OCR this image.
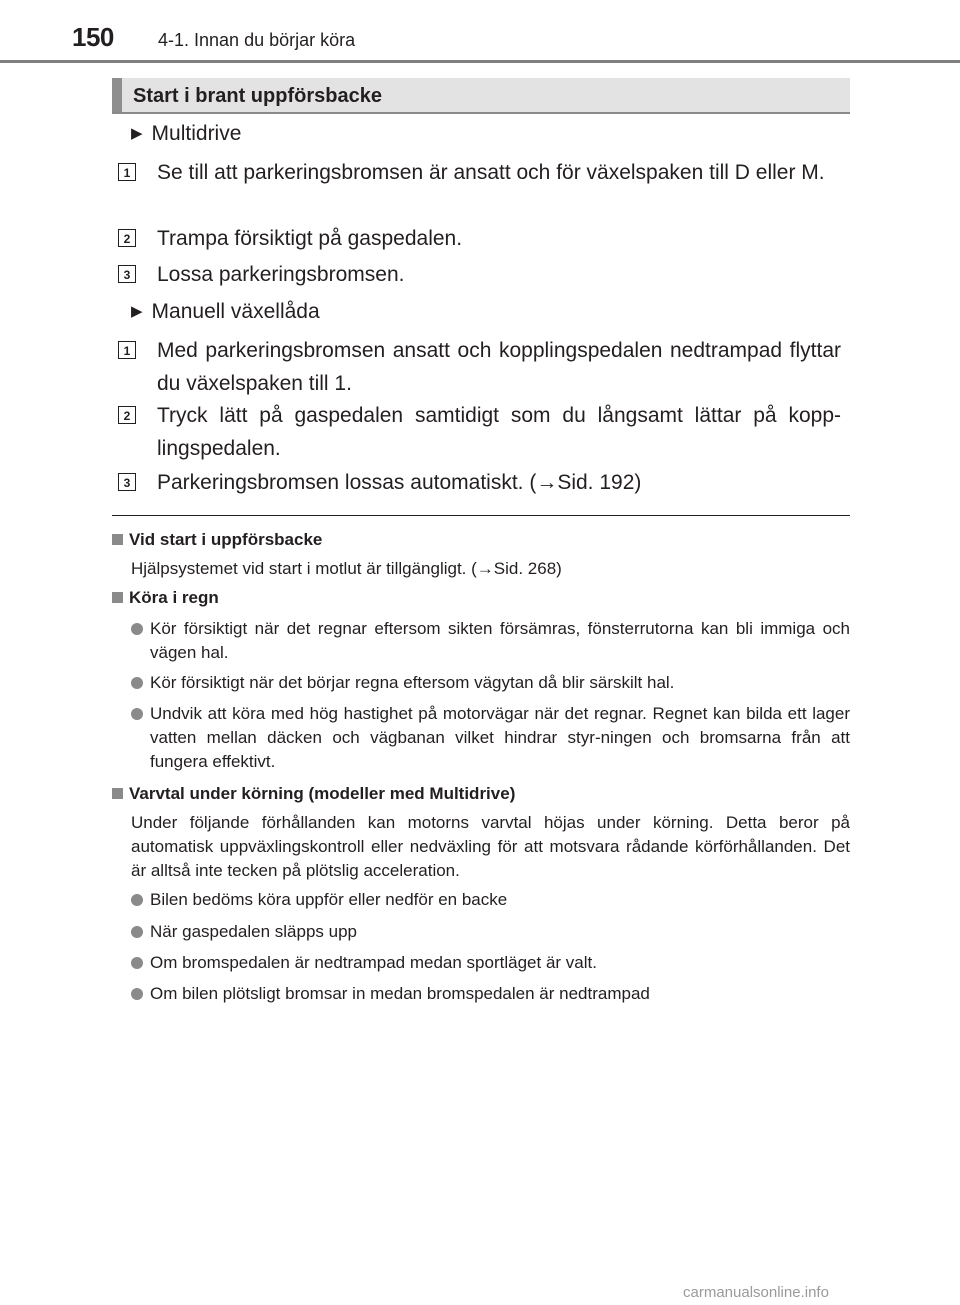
150 4-1. Innan du börjar köra
Start i brant uppförsbacke
▶ Multidrive
1 Se till att parkeringsbromsen är ansatt och för växelspaken till D eller M.
2 Trampa försiktigt på gaspedalen.
3 Lossa parkeringsbromsen.
▶ Manuell växellåda
1 Med parkeringsbromsen ansatt och kopplingspedalen nedtrampad flyttar du växelspaken till 1.
2 Tryck lätt på gaspedalen samtidigt som du långsamt lättar på kopp-lingspedalen.
3 Parkeringsbromsen lossas automatiskt. (→Sid. 192)
Vid start i uppförsbacke
Hjälpsystemet vid start i motlut är tillgängligt. (→Sid. 268)
Köra i regn
Kör försiktigt när det regnar eftersom sikten försämras, fönsterrutorna kan bli immiga och vägen hal.
Kör försiktigt när det börjar regna eftersom vägytan då blir särskilt hal.
Undvik att köra med hög hastighet på motorvägar när det regnar. Regnet kan bilda ett lager vatten mellan däcken och vägbanan vilket hindrar styr-ningen och bromsarna från att fungera effektivt.
Varvtal under körning (modeller med Multidrive)
Under följande förhållanden kan motorns varvtal höjas under körning. Detta beror på automatisk uppväxlingskontroll eller nedväxling för att motsvara rådande körförhållanden. Det är alltså inte tecken på plötslig acceleration.
Bilen bedöms köra uppför eller nedför en backe
När gaspedalen släpps upp
Om bromspedalen är nedtrampad medan sportläget är valt.
Om bilen plötsligt bromsar in medan bromspedalen är nedtrampad
carmanualsonline.info
